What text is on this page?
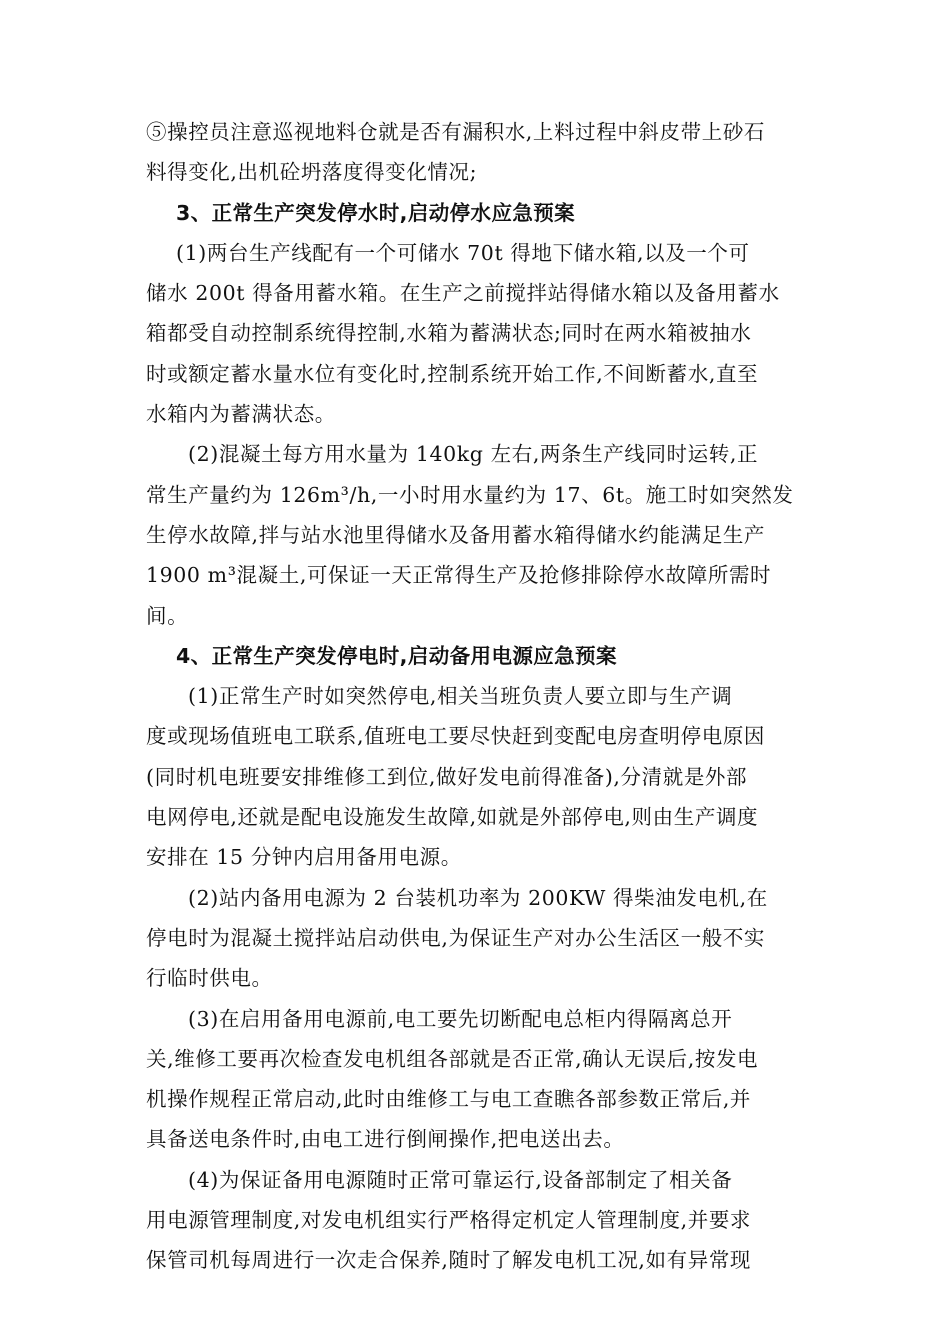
⑤操控员注意巡视地料仓就是否有漏积水,上料过程中斜皮带上砂石
料得变化,出机砼坍落度得变化情况;
3、正常生产突发停水时,启动停水应急预案
(1)两台生产线配有一个可储水 70t 得地下储水箱,以及一个可
储水 200t 得备用蓄水箱。在生产之前搅拌站得储水箱以及备用蓄水
箱都受自动控制系统得控制,水箱为蓄满状态;同时在两水箱被抽水
时或额定蓄水量水位有变化时,控制系统开始工作,不间断蓄水,直至
水箱内为蓄满状态。
(2)混凝土每方用水量为 140kg 左右,两条生产线同时运转,正
常生产量约为 126m³/h,一小时用水量约为 17、6t。施工时如突然发
生停水故障,拌与站水池里得储水及备用蓄水箱得储水约能满足生产
1900 m³混凝土,可保证一天正常得生产及抢修排除停水故障所需时
间。
4、正常生产突发停电时,启动备用电源应急预案
(1)正常生产时如突然停电,相关当班负责人要立即与生产调
度或现场值班电工联系,值班电工要尽快赶到变配电房查明停电原因
(同时机电班要安排维修工到位,做好发电前得准备),分清就是外部
电网停电,还就是配电设施发生故障,如就是外部停电,则由生产调度
安排在 15 分钟内启用备用电源。
(2)站内备用电源为 2 台装机功率为 200KW 得柴油发电机,在
停电时为混凝土搅拌站启动供电,为保证生产对办公生活区一般不实
行临时供电。
(3)在启用备用电源前,电工要先切断配电总柜内得隔离总开
关,维修工要再次检查发电机组各部就是否正常,确认无误后,按发电
机操作规程正常启动,此时由维修工与电工查瞧各部参数正常后,并
具备送电条件时,由电工进行倒闸操作,把电送出去。
(4)为保证备用电源随时正常可靠运行,设备部制定了相关备
用电源管理制度,对发电机组实行严格得定机定人管理制度,并要求
保管司机每周进行一次走合保养,随时了解发电机工况,如有异常现
